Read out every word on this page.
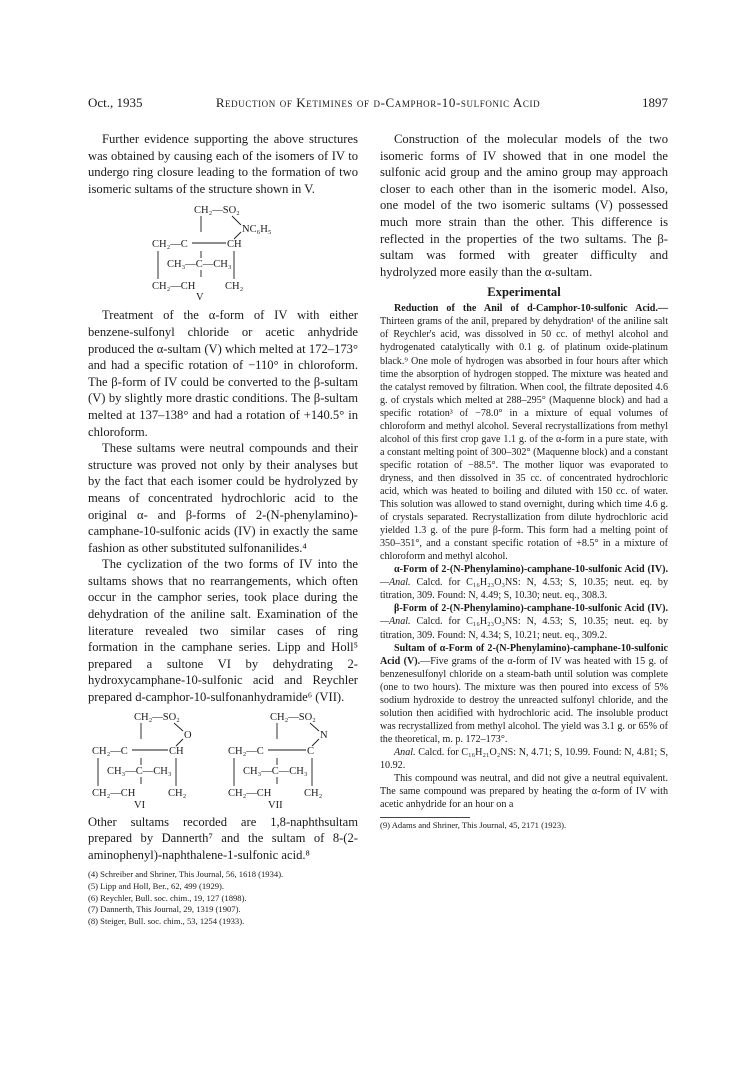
Oct., 1935	Reduction of Ketimines of d-Camphor-10-sulfonic Acid	1897

Further evidence supporting the above structures was obtained by causing each of the isomers of IV to undergo ring closure leading to the formation of two isomeric sultams of the structure shown in V.

CH₂—SO₂
NC₆H₅
CH₂—C	CH
CH₃—C—CH₃
CH₂—CH	CH₂
V

Treatment of the α-form of IV with either benzene-sulfonyl chloride or acetic anhydride produced the α-sultam (V) which melted at 172–173° and had a specific rotation of −110° in chloroform. The β-form of IV could be converted to the β-sultam (V) by slightly more drastic conditions. The β-sultam melted at 137–138° and had a rotation of +140.5° in chloroform.

These sultams were neutral compounds and their structure was proved not only by their analyses but by the fact that each isomer could be hydrolyzed by means of concentrated hydrochloric acid to the original α- and β-forms of 2-(N-phenylamino)-camphane-10-sulfonic acids (IV) in exactly the same fashion as other substituted sulfonanilides.⁴

The cyclization of the two forms of IV into the sultams shows that no rearrangements, which often occur in the camphor series, took place during the dehydration of the aniline salt. Examination of the literature revealed two similar cases of ring formation in the camphane series. Lipp and Holl⁵ prepared a sultone VI by dehydrating 2-hydroxycamphane-10-sulfonic acid and Reychler prepared d-camphor-10-sulfonanhydramide⁶ (VII).

CH₂—SO₂
O
CH₂—C	CH
CH₃—C—CH₃
CH₂—CH	CH₂
VI
CH₂—SO₂
N
CH₂—C	C
CH₃—C—CH₃
CH₂—CH	CH₂
VII

Other sultams recorded are 1,8-naphthsultam prepared by Dannerth⁷ and the sultam of 8-(2-aminophenyl)-naphthalene-1-sulfonic acid.⁸

(4) Schreiber and Shriner, This Journal, 56, 1618 (1934).
(5) Lipp and Holl, Ber., 62, 499 (1929).
(6) Reychler, Bull. soc. chim., 19, 127 (1898).
(7) Dannerth, This Journal, 29, 1319 (1907).
(8) Steiger, Bull. soc. chim., 53, 1254 (1933).

Construction of the molecular models of the two isomeric forms of IV showed that in one model the sulfonic acid group and the amino group may approach closer to each other than in the isomeric model. Also, one model of the two isomeric sultams (V) possessed much more strain than the other. This difference is reflected in the properties of the two sultams. The β-sultam was formed with greater difficulty and hydrolyzed more easily than the α-sultam.

Experimental

Reduction of the Anil of d-Camphor-10-sulfonic Acid.—Thirteen grams of the anil, prepared by dehydration¹ of the aniline salt of Reychler's acid, was dissolved in 50 cc. of methyl alcohol and hydrogenated catalytically with 0.1 g. of platinum oxide-platinum black.⁹ One mole of hydrogen was absorbed in four hours after which time the absorption of hydrogen stopped. The mixture was heated and the catalyst removed by filtration. When cool, the filtrate deposited 4.6 g. of crystals which melted at 288–295° (Maquenne block) and had a specific rotation³ of −78.0° in a mixture of equal volumes of chloroform and methyl alcohol. Several recrystallizations from methyl alcohol of this first crop gave 1.1 g. of the α-form in a pure state, with a constant melting point of 300–302° (Maquenne block) and a constant specific rotation of −88.5°. The mother liquor was evaporated to dryness, and then dissolved in 35 cc. of concentrated hydrochloric acid, which was heated to boiling and diluted with 150 cc. of water. This solution was allowed to stand overnight, during which time 4.6 g. of crystals separated. Recrystallization from dilute hydrochloric acid yielded 1.3 g. of the pure β-form. This form had a melting point of 350–351°, and a constant specific rotation of +8.5° in a mixture of chloroform and methyl alcohol.

α-Form of 2-(N-Phenylamino)-camphane-10-sulfonic Acid (IV).—Anal. Calcd. for C₁₆H₂₃O₃NS: N, 4.53; S, 10.35; neut. eq. by titration, 309. Found: N, 4.49; S, 10.30; neut. eq., 308.3.

β-Form of 2-(N-Phenylamino)-camphane-10-sulfonic Acid (IV).—Anal. Calcd. for C₁₆H₂₃O₃NS: N, 4.53; S, 10.35; neut. eq. by titration, 309. Found: N, 4.34; S, 10.21; neut. eq., 309.2.

Sultam of α-Form of 2-(N-Phenylamino)-camphane-10-sulfonic Acid (V).—Five grams of the α-form of IV was heated with 15 g. of benzenesulfonyl chloride on a steam-bath until solution was complete (one to two hours). The mixture was then poured into excess of 5% sodium hydroxide to destroy the unreacted sulfonyl chloride, and the solution then acidified with hydrochloric acid. The insoluble product was recrystallized from methyl alcohol. The yield was 3.1 g. or 65% of the theoretical, m. p. 172–173°.

Anal. Calcd. for C₁₆H₂₁O₂NS: N, 4.71; S, 10.99. Found: N, 4.81; S, 10.92.

This compound was neutral, and did not give a neutral equivalent. The same compound was prepared by heating the α-form of IV with acetic anhydride for an hour on a

(9) Adams and Shriner, This Journal, 45, 2171 (1923).
